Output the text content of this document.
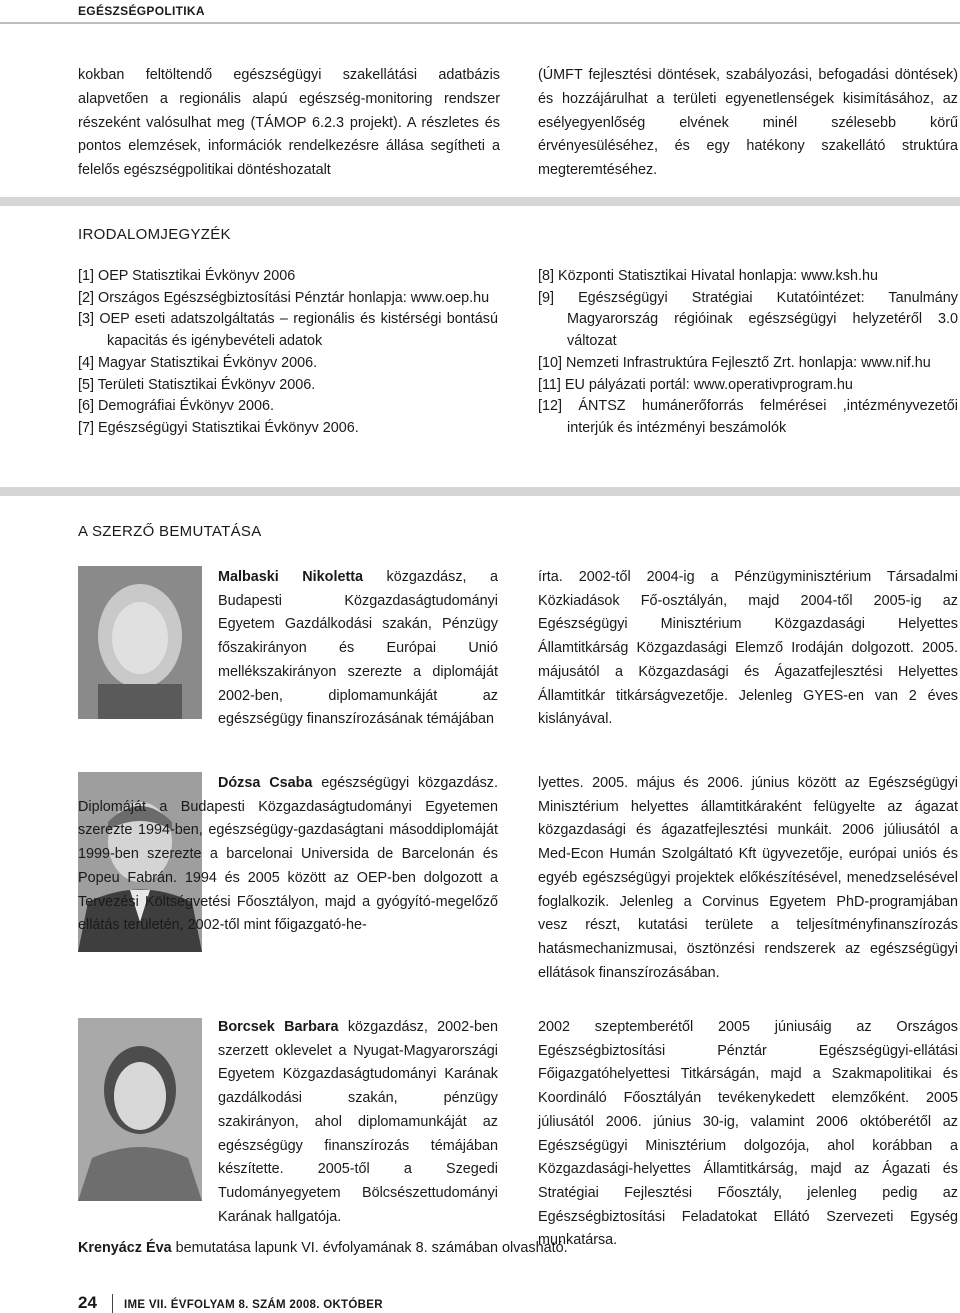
EGÉSZSÉGPOLITIKA

kokban feltöltendő egészségügyi szakellátási adatbázis alapvetően a regionális alapú egészség-monitoring rendszer részeként valósulhat meg (TÁMOP 6.2.3 projekt). A részletes és pontos elemzések, információk rendelkezésre állása segítheti a felelős egészségpolitikai döntéshozatalt

(ÚMFT fejlesztési döntések, szabályozási, befogadási döntések) és hozzájárulhat a területi egyenetlenségek kisimításához, az esélyegyenlőség elvének minél szélesebb körű érvényesüléséhez, és egy hatékony szakellátó struktúra megteremtéséhez.

IRODALOMJEGYZÉK
[1] OEP Statisztikai Évkönyv 2006
[2] Országos Egészségbiztosítási Pénztár honlapja: www.oep.hu
[3] OEP eseti adatszolgáltatás – regionális és kistérségi bontású kapacitás és igénybevételi adatok
[4] Magyar Statisztikai Évkönyv 2006.
[5] Területi Statisztikai Évkönyv 2006.
[6] Demográfiai Évkönyv 2006.
[7] Egészségügyi Statisztikai Évkönyv 2006.
[8] Központi Statisztikai Hivatal honlapja: www.ksh.hu
[9] Egészségügyi Stratégiai Kutatóintézet: Tanulmány Magyarország régióinak egészségügyi helyzetéről 3.0 változat
[10] Nemzeti Infrastruktúra Fejlesztő Zrt. honlapja: www.nif.hu
[11] EU pályázati portál: www.operativprogram.hu
[12] ÁNTSZ humánerőforrás felmérései ,intézményvezetői interjúk és intézményi beszámolók
A SZERZŐ BEMUTATÁSA

Malbaski Nikoletta közgazdász, a Budapesti Közgazdaságtudományi Egyetem Gazdálkodási szakán, Pénzügy főszakirányon és Európai Unió mellékszakirányon szerezte a diplomáját 2002-ben, diplomamunkáját az egészségügy finanszírozásának témájában

írta. 2002-től 2004-ig a Pénzügyminisztérium Társadalmi Közkiadások Fő-osztályán, majd 2004-től 2005-ig az Egészségügyi Minisztérium Közgazdasági Helyettes Államtitkárság Közgazdasági Elemző Irodáján dolgozott. 2005. májusától a Közgazdasági és Ágazatfejlesztési Helyettes Államtitkár titkárságvezetője. Jelenleg GYES-en van 2 éves kislányával.

Dózsa Csaba egészségügyi közgazdász. Diplomáját a Budapesti Közgazdaságtudományi Egyetemen szerezte 1994-ben, egészségügy-gazdaságtani másoddiplomáját 1999-ben szerezte a barcelonai Universida de Barcelonán és Popeu Fabrán. 1994 és 2005 között az OEP-ben dolgozott a Tervezési Költségvetési Főosztályon, majd a gyógyító-megelőző ellátás területén, 2002-től mint főigazgató-he-

lyettes. 2005. május és 2006. június között az Egészségügyi Minisztérium helyettes államtitkáraként felügyelte az ágazat közgazdasági és ágazatfejlesztési munkáit. 2006 júliusától a Med-Econ Humán Szolgáltató Kft ügyvezetője, európai uniós és egyéb egészségügyi projektek előkészítésével, menedzselésével foglalkozik. Jelenleg a Corvinus Egyetem PhD-programjában vesz részt, kutatási területe a teljesítményfinanszírozás hatásmechanizmusai, ösztönzési rendszerek az egészségügyi ellátások finanszírozásában.

Borcsek Barbara közgazdász, 2002-ben szerzett oklevelet a Nyugat-Magyarországi Egyetem Közgazdaságtudományi Karának gazdálkodási szakán, pénzügy szakirányon, ahol diplomamunkáját az egészségügy finanszírozás témájában készítette. 2005-től a Szegedi Tudományegyetem Bölcsészettudományi Karának hallgatója.

2002 szeptemberétől 2005 júniusáig az Országos Egészségbiztosítási Pénztár Egészségügyi-ellátási Főigazgatóhelyettesi Titkárságán, majd a Szakmapolitikai és Koordináló Főosztályán tevékenykedett elemzőként. 2005 júliusától 2006. június 30-ig, valamint 2006 októberétől az Egészségügyi Minisztérium dolgozója, ahol korábban a Közgazdasági-helyettes Államtitkárság, majd az Ágazati és Stratégiai Fejlesztési Főosztály, jelenleg pedig az Egészségbiztosítási Feladatokat Ellátó Szervezeti Egység munkatársa.

Krenyácz Éva bemutatása lapunk VI. évfolyamának 8. számában olvasható.

24 IME VII. ÉVFOLYAM 8. SZÁM 2008. OKTÓBER
